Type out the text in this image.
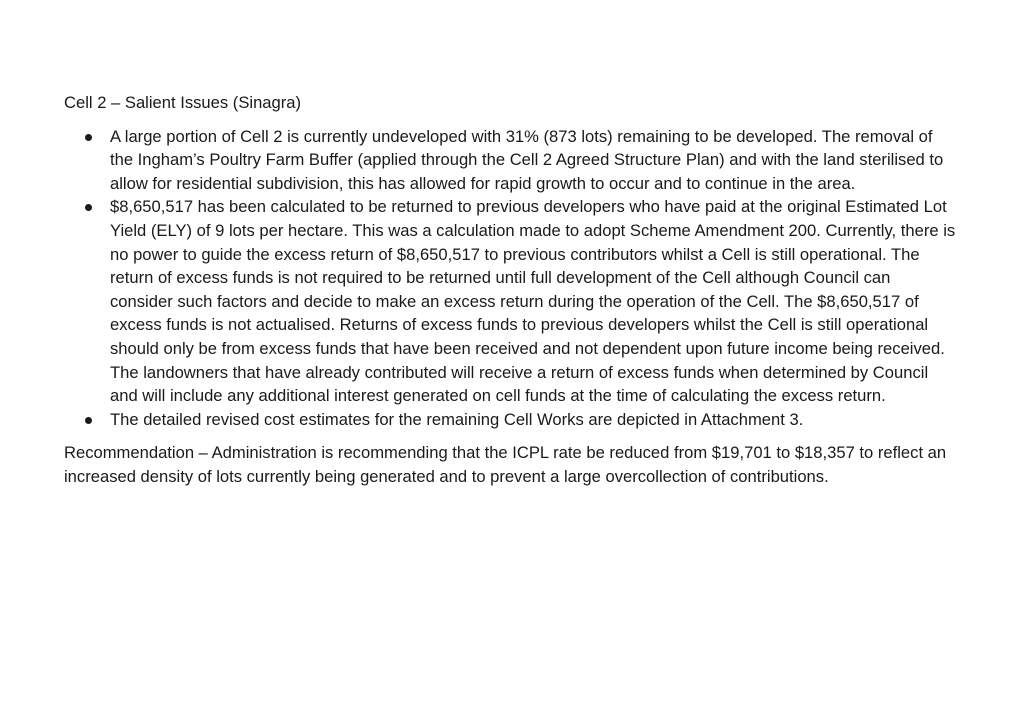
Cell 2 – Salient Issues (Sinagra)

A large portion of Cell 2 is currently undeveloped with 31% (873 lots) remaining to be developed. The removal of the Ingham’s Poultry Farm Buffer (applied through the Cell 2 Agreed Structure Plan) and with the land sterilised to allow for residential subdivision, this has allowed for rapid growth to occur and to continue in the area.
$8,650,517 has been calculated to be returned to previous developers who have paid at the original Estimated Lot Yield (ELY) of 9 lots per hectare. This was a calculation made to adopt Scheme Amendment 200. Currently, there is no power to guide the excess return of $8,650,517 to previous contributors whilst a Cell is still operational. The return of excess funds is not required to be returned until full development of the Cell although Council can consider such factors and decide to make an excess return during the operation of the Cell. The $8,650,517 of excess funds is not actualised. Returns of excess funds to previous developers whilst the Cell is still operational should only be from excess funds that have been received and not dependent upon future income being received. The landowners that have already contributed will receive a return of excess funds when determined by Council and will include any additional interest generated on cell funds at the time of calculating the excess return.
The detailed revised cost estimates for the remaining Cell Works are depicted in Attachment 3.

Recommendation – Administration is recommending that the ICPL rate be reduced from $19,701 to $18,357 to reflect an increased density of lots currently being generated and to prevent a large overcollection of contributions.
